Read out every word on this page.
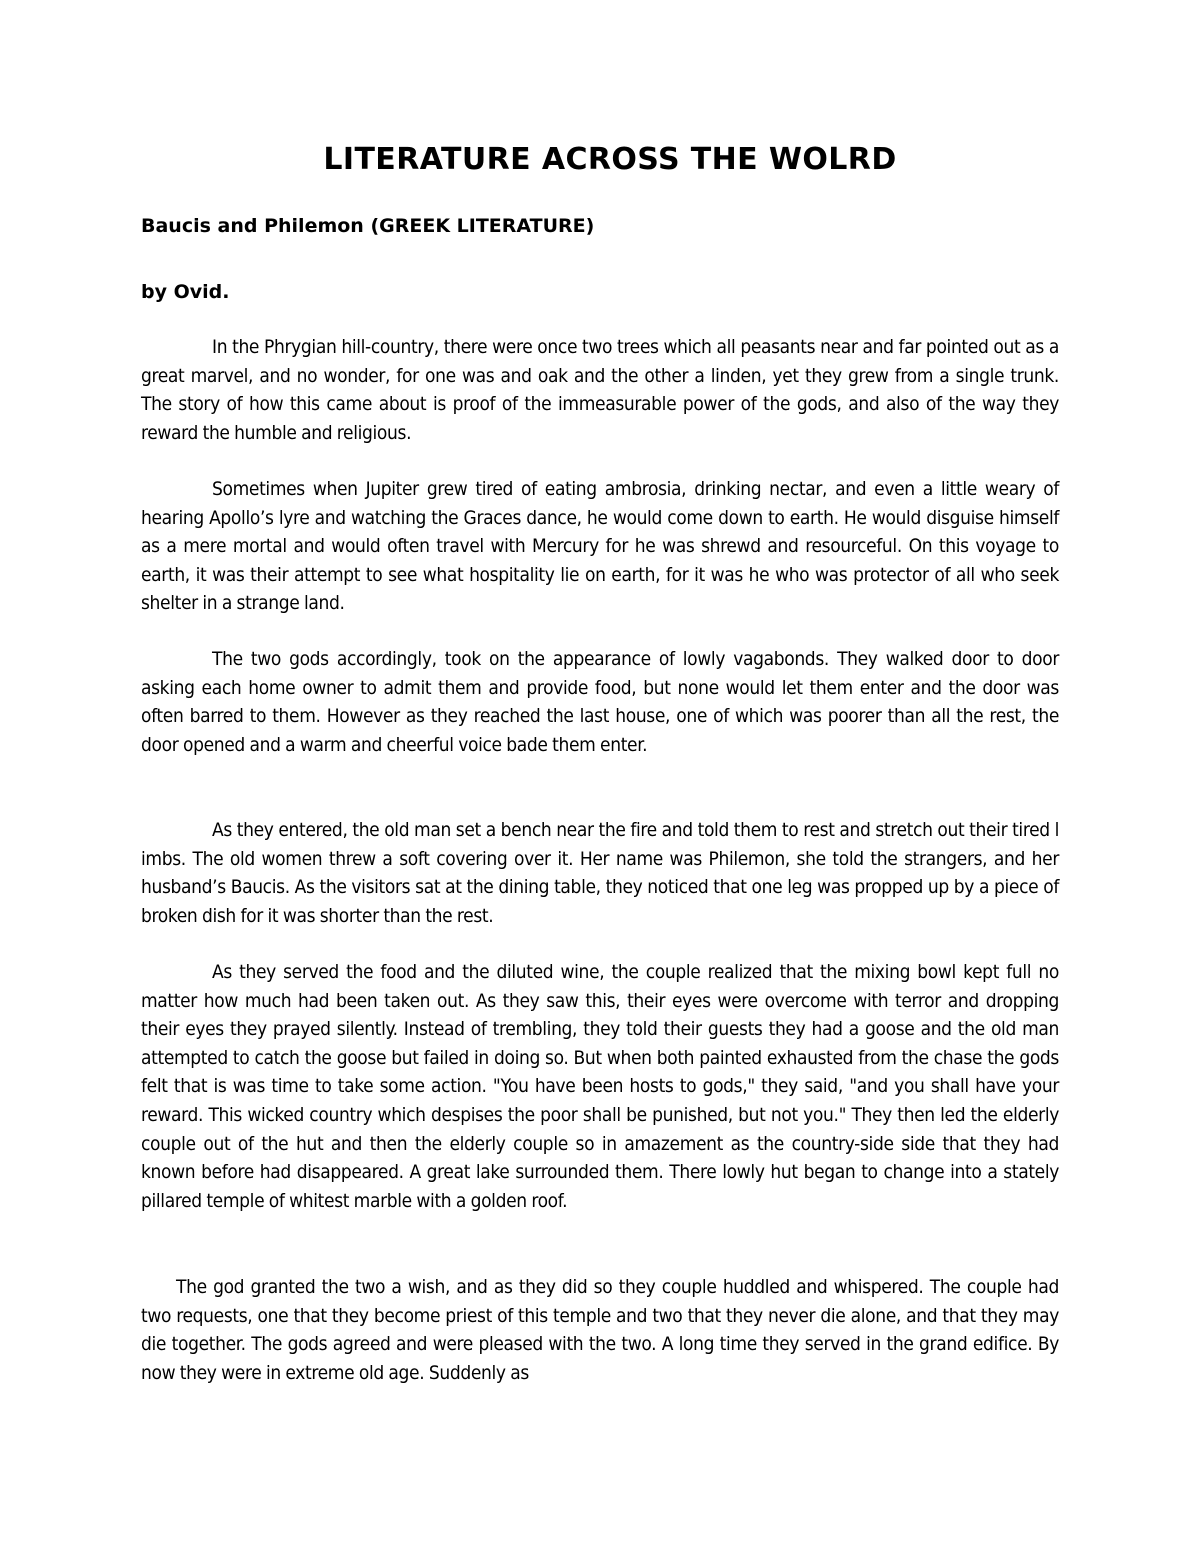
LITERATURE ACROSS THE WOLRD
Baucis and Philemon (GREEK LITERATURE)

by Ovid.

In the Phrygian hill-country, there were once two trees which all peasants near and far pointed out as a great marvel, and no wonder, for one was and oak and the other a linden, yet they grew from a single trunk. The story of how this came about is proof of the immeasurable power of the gods, and also of the way they reward the humble and religious.

Sometimes when Jupiter grew tired of eating ambrosia, drinking nectar, and even a little weary of hearing Apollo’s lyre and watching the Graces dance, he would come down to earth. He would disguise himself as a mere mortal and would often travel with Mercury for he was shrewd and resourceful. On this voyage to earth, it was their attempt to see what hospitality lie on earth, for it was he who was protector of all who seek shelter in a strange land.

The two gods accordingly, took on the appearance of lowly vagabonds. They walked door to door asking each home owner to admit them and provide food, but none would let them enter and the door was often barred to them. However as they reached the last house, one of which was poorer than all the rest, the door opened and a warm and cheerful voice bade them enter.

As they entered, the old man set a bench near the fire and told them to rest and stretch out their tired l imbs. The old women threw a soft covering over it. Her name was Philemon, she told the strangers, and her husband’s Baucis. As the visitors sat at the dining table, they noticed that one leg was propped up by a piece of broken dish for it was shorter than the rest.

As they served the food and the diluted wine, the couple realized that the mixing bowl kept full no matter how much had been taken out. As they saw this, their eyes were overcome with terror and dropping their eyes they prayed silently. Instead of trembling, they told their guests they had a goose and the old man attempted to catch the goose but failed in doing so. But when both painted exhausted from the chase the gods felt that is was time to take some action. "You have been hosts to gods," they said, "and you shall have your reward. This wicked country which despises the poor shall be punished, but not you." They then led the elderly couple out of the hut and then the elderly couple so in amazement as the country-side side that they had known before had disappeared. A great lake surrounded them. There lowly hut began to change into a stately pillared temple of whitest marble with a golden roof.

The god granted the two a wish, and as they did so they couple huddled and whispered. The couple had two requests, one that they become priest of this temple and two that they never die alone, and that they may die together. The gods agreed and were pleased with the two. A long time they served in the grand edifice. By now they were in extreme old age. Suddenly as
